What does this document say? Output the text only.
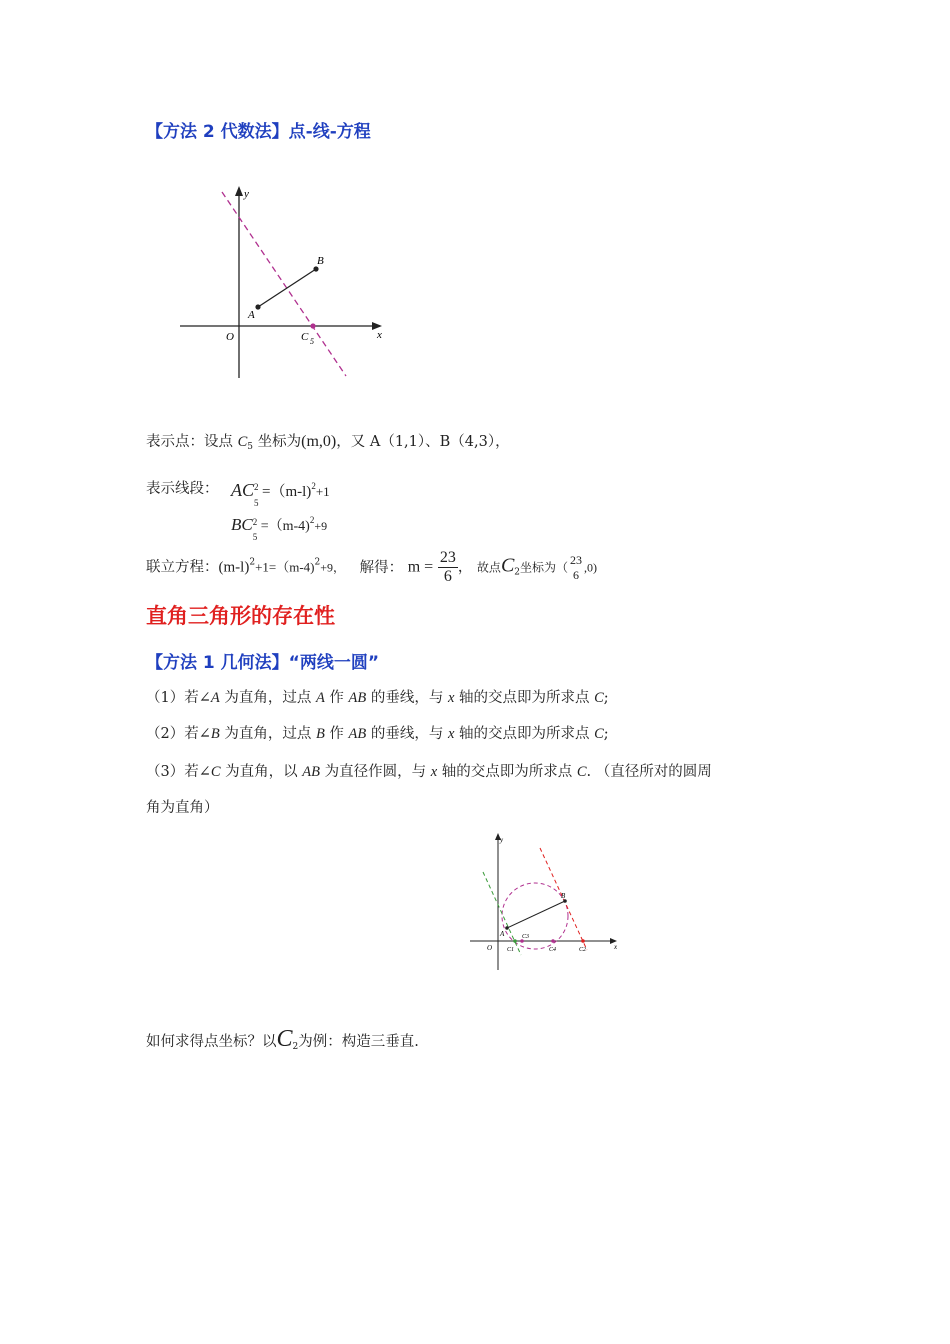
【方法 2 代数法】点-线-方程
y
x
O
A
B
C 5
表示点：设点 $C_5$ 坐标为(m,0)，又 A（1,1）、B（4,3），
表示线段： AC 2
5
=（m-l)$^2$+1
BC 2
5
=（m-4)$^2$+9
联立方程：$(m-l)^2+1=(m-4)^2+9$， 解得： $m = \frac{23}{6}$ ， 故点$C_2$坐标为（
23
6 ,0)
直角三角形的存在性
【方法 1 几何法】“两线一圆”
（1）若∠A 为直角，过点 A 作 AB 的垂线，与 x 轴的交点即为所求点 C;
（2）若∠B 为直角，过点 B 作 AB 的垂线，与 x 轴的交点即为所求点 C;
（3）若∠C 为直角，以 AB 为直径作圆，与 x 轴的交点即为所求点 C. （直径所对的圆周
角为直角）
y
x
O
A
B
C1
C3
C4	C2
如何求得点坐标？以$C_2$为例：构造三垂直.
